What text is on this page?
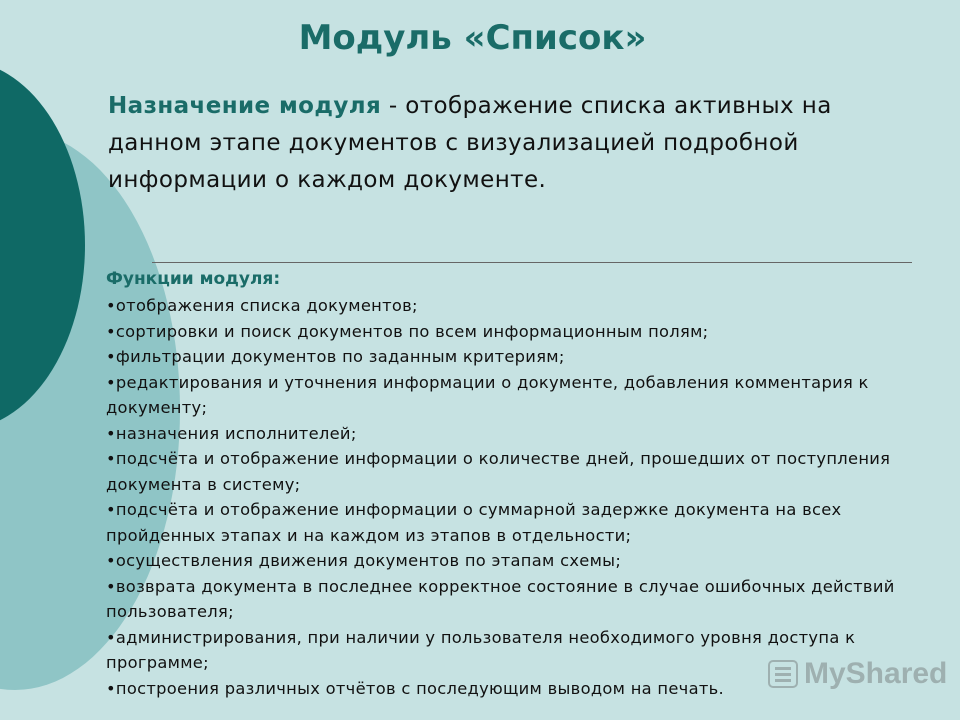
Модуль «Список»

Назначение модуля - отображение списка активных на данном этапе документов с визуализацией подробной информации о каждом документе.

Функции модуля:

• отображения списка документов;
• сортировки и поиск документов по всем информационным полям;
• фильтрации документов по заданным критериям;
• редактирования и уточнения информации о документе, добавления комментария к документу;
• назначения исполнителей;
• подсчёта и отображение информации о количестве дней, прошедших от поступления документа в систему;
• подсчёта и отображение информации о суммарной задержке документа на всех пройденных этапах и на каждом из этапов в отдельности;
• осуществления движения документов по этапам схемы;
• возврата документа в последнее корректное состояние в случае ошибочных действий пользователя;
• администрирования, при наличии у пользователя необходимого уровня доступа к программе;
• построения различных отчётов с последующим выводом на печать.	MyShared
